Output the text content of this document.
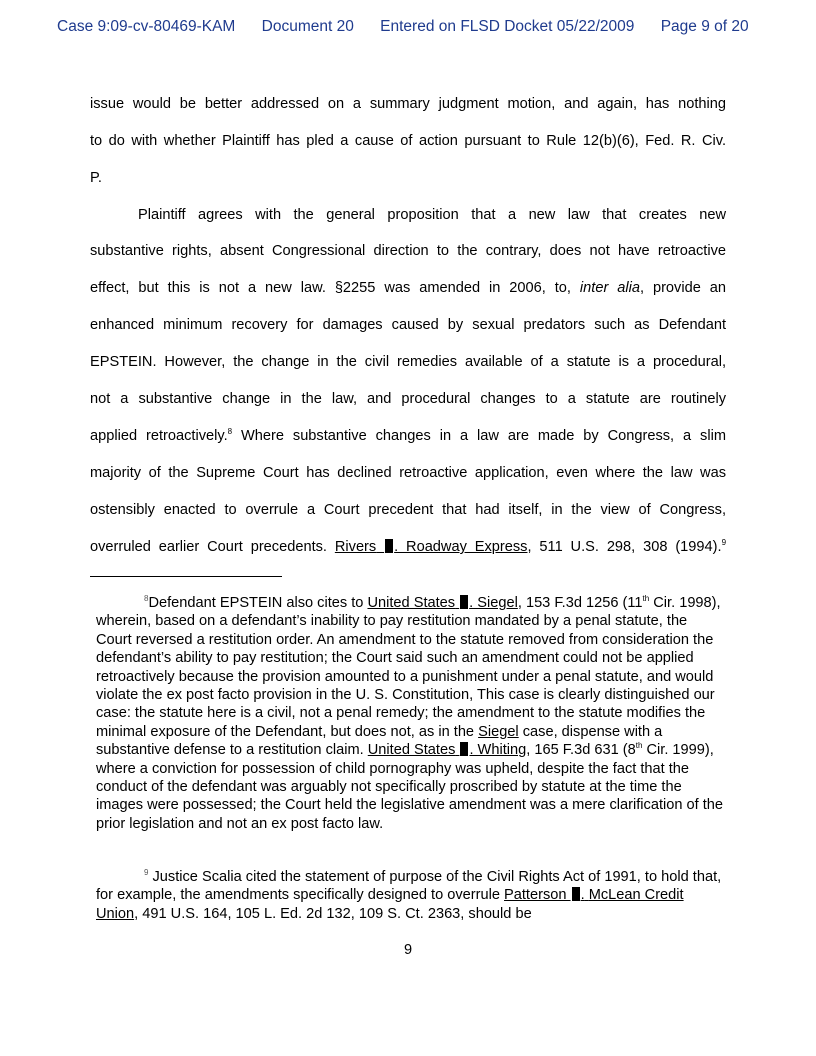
Case 9:09-cv-80469-KAM Document 20 Entered on FLSD Docket 05/22/2009 Page 9 of 20
issue would be better addressed on a summary judgment motion, and again, has nothing
to do with whether Plaintiff has pled a cause of action pursuant to Rule 12(b)(6), Fed. R. Civ.
P.
Plaintiff agrees with the general proposition that a new law that creates new
substantive rights, absent Congressional direction to the contrary, does not have retroactive
effect, but this is not a new law. §2255 was amended in 2006, to, inter alia, provide an
enhanced minimum recovery for damages caused by sexual predators such as Defendant
EPSTEIN. However, the change in the civil remedies available of a statute is a procedural,
not a substantive change in the law, and procedural changes to a statute are routinely
applied retroactively.$^8$ Where substantive changes in a law are made by Congress, a slim
majority of the Supreme Court has declined retroactive application, even where the law was
ostensibly enacted to overrule a Court precedent that had itself, in the view of Congress,
overruled earlier Court precedents. Rivers . Roadway Express, 511 U.S. 298, 308 (1994).$^9$
$^8$Defendant EPSTEIN also cites to United States . Siegel, 153 F.3d 1256 (11th Cir. 1998), wherein, based on a defendant’s inability to pay restitution mandated by a penal statute, the Court reversed a restitution order. An amendment to the statute removed from consideration the defendant’s ability to pay restitution; the Court said such an amendment could not be applied retroactively because the provision amounted to a punishment under a penal statute, and would violate the ex post facto provision in the U. S. Constitution, This case is clearly distinguished our case: the statute here is a civil, not a penal remedy; the amendment to the statute modifies the minimal exposure of the Defendant, but does not, as in the Siegel case, dispense with a substantive defense to a restitution claim. United States . Whiting, 165 F.3d 631 (8th Cir. 1999), where a conviction for possession of child pornography was upheld, despite the fact that the conduct of the defendant was arguably not specifically proscribed by statute at the time the images were possessed; the Court held the legislative amendment was a mere clarification of the prior legislation and not an ex post facto law.
$^9$ Justice Scalia cited the statement of purpose of the Civil Rights Act of 1991, to hold that, for example, the amendments specifically designed to overrule Patterson . McLean Credit Union, 491 U.S. 164, 105 L. Ed. 2d 132, 109 S. Ct. 2363, should be
9
